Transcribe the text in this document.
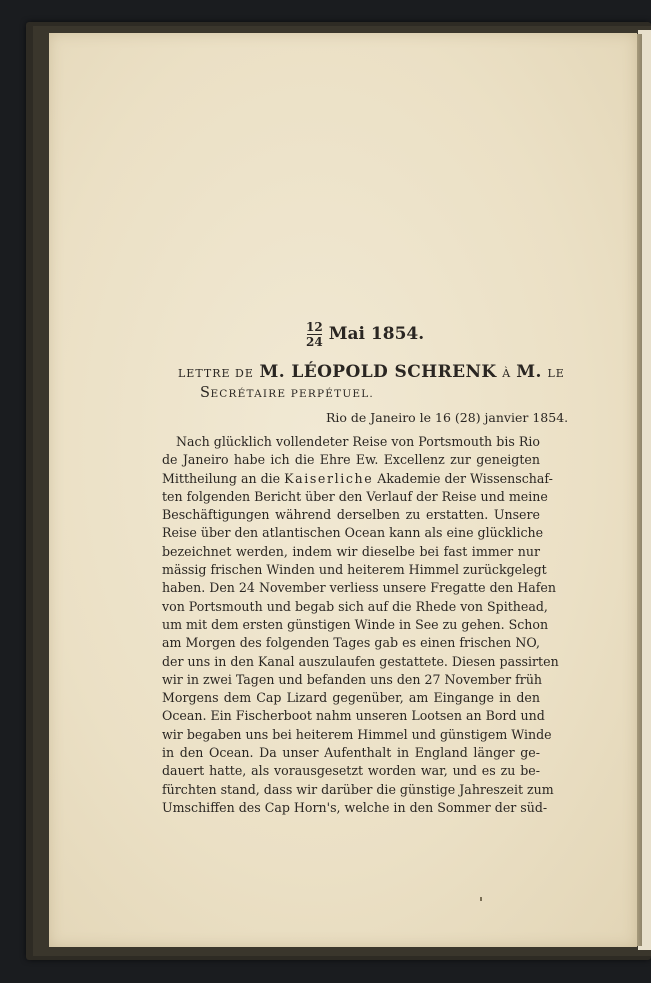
$\frac{12}{24}$ Mai 1854.
LETTRE DE M. LÉOPOLD SCHRENK À M. LE
SECRÉTAIRE PERPÉTUEL.
Rio de Janeiro le 16 (28) janvier 1854.
Nach glücklich vollendeter Reise von Portsmouth bis Rio
de Janeiro habe ich die Ehre Ew. Excellenz zur geneigten
Mittheilung an die Kaiserliche Akademie der Wissenschaf-
ten folgenden Bericht über den Verlauf der Reise und meine
Beschäftigungen während derselben zu erstatten. Unsere
Reise über den atlantischen Ocean kann als eine glückliche
bezeichnet werden, indem wir dieselbe bei fast immer nur
mässig frischen Winden und heiterem Himmel zurückgelegt
haben. Den 24 November verliess unsere Fregatte den Hafen
von Portsmouth und begab sich auf die Rhede von Spithead,
um mit dem ersten günstigen Winde in See zu gehen. Schon
am Morgen des folgenden Tages gab es einen frischen NO,
der uns in den Kanal auszulaufen gestattete. Diesen passirten
wir in zwei Tagen und befanden uns den 27 November früh
Morgens dem Cap Lizard gegenüber, am Eingange in den
Ocean. Ein Fischerboot nahm unseren Lootsen an Bord und
wir begaben uns bei heiterem Himmel und günstigem Winde
in den Ocean. Da unser Aufenthalt in England länger ge-
dauert hatte, als vorausgesetzt worden war, und es zu be-
fürchten stand, dass wir darüber die günstige Jahreszeit zum
Umschiffen des Cap Horn's, welche in den Sommer der süd-
